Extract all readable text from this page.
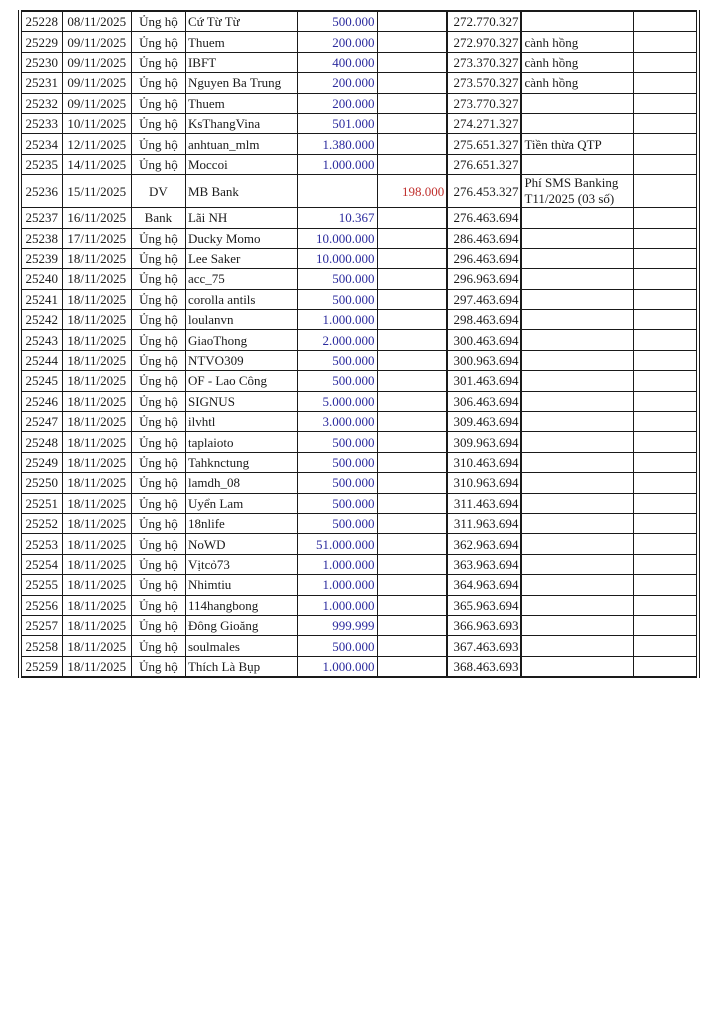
25228	08/11/2025	Ủng hộ	Cứ Từ Từ	500.000		272.770.327		
25229	09/11/2025	Ủng hộ	Thuem	200.000		272.970.327	cành hồng	
25230	09/11/2025	Ủng hộ	IBFT	400.000		273.370.327	cành hồng	
25231	09/11/2025	Ủng hộ	Nguyen Ba Trung	200.000		273.570.327	cành hồng	
25232	09/11/2025	Ủng hộ	Thuem	200.000		273.770.327		
25233	10/11/2025	Ủng hộ	KsThangVina	501.000		274.271.327		
25234	12/11/2025	Ủng hộ	anhtuan_mlm	1.380.000		275.651.327	Tiền thừa QTP	
25235	14/11/2025	Ủng hộ	Moccoi	1.000.000		276.651.327		
25236	15/11/2025	DV	MB Bank		198.000	276.453.327	Phí SMS Banking T11/2025 (03 số)	
25237	16/11/2025	Bank	Lãi NH	10.367		276.463.694		
25238	17/11/2025	Ủng hộ	Ducky Momo	10.000.000		286.463.694		
25239	18/11/2025	Ủng hộ	Lee Saker	10.000.000		296.463.694		
25240	18/11/2025	Ủng hộ	acc_75	500.000		296.963.694		
25241	18/11/2025	Ủng hộ	corolla antils	500.000		297.463.694		
25242	18/11/2025	Ủng hộ	loulanvn	1.000.000		298.463.694		
25243	18/11/2025	Ủng hộ	GiaoThong	2.000.000		300.463.694		
25244	18/11/2025	Ủng hộ	NTVO309	500.000		300.963.694		
25245	18/11/2025	Ủng hộ	OF - Lao Công	500.000		301.463.694		
25246	18/11/2025	Ủng hộ	SIGNUS	5.000.000		306.463.694		
25247	18/11/2025	Ủng hộ	ilvhtl	3.000.000		309.463.694		
25248	18/11/2025	Ủng hộ	taplaioto	500.000		309.963.694		
25249	18/11/2025	Ủng hộ	Tahknctung	500.000		310.463.694		
25250	18/11/2025	Ủng hộ	lamdh_08	500.000		310.963.694		
25251	18/11/2025	Ủng hộ	Uyển Lam	500.000		311.463.694		
25252	18/11/2025	Ủng hộ	18nlife	500.000		311.963.694		
25253	18/11/2025	Ủng hộ	NoWD	51.000.000		362.963.694		
25254	18/11/2025	Ủng hộ	Vịtcỏ73	1.000.000		363.963.694		
25255	18/11/2025	Ủng hộ	Nhimtiu	1.000.000		364.963.694		
25256	18/11/2025	Ủng hộ	114hangbong	1.000.000		365.963.694		
25257	18/11/2025	Ủng hộ	Đông Gioăng	999.999		366.963.693		
25258	18/11/2025	Ủng hộ	soulmales	500.000		367.463.693		
25259	18/11/2025	Ủng hộ	Thích Là Bụp	1.000.000		368.463.693		
